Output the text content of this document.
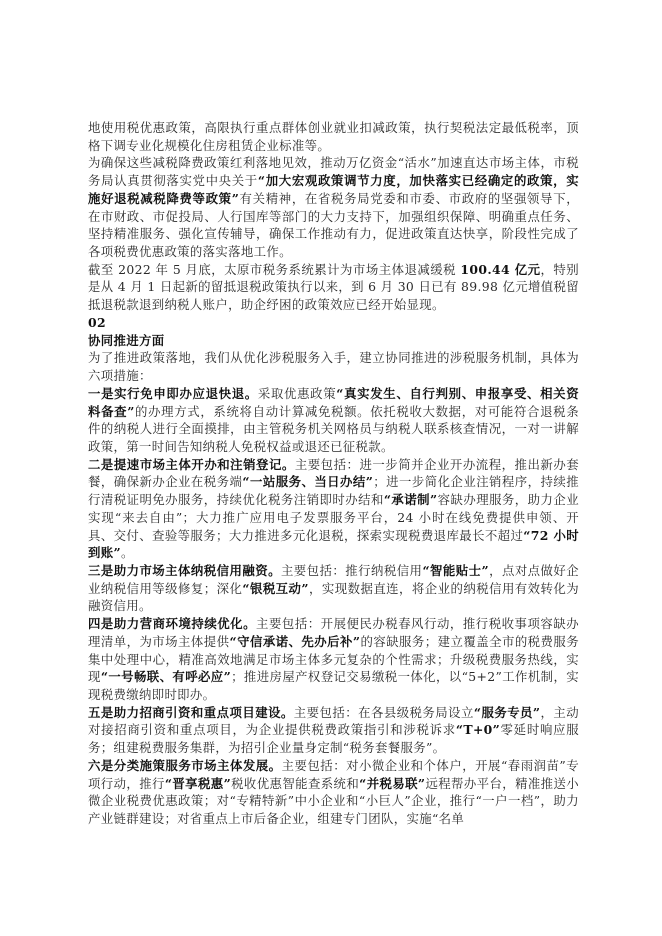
地使用税优惠政策，高限执行重点群体创业就业扣减政策，执行契税法定最低税率，顶格下调专业化规模化住房租赁企业标准等。

为确保这些减税降费政策红利落地见效，推动万亿资金“活水”加速直达市场主体，市税务局认真贯彻落实党中央关于“加大宏观政策调节力度，加快落实已经确定的政策，实施好退税减税降费等政策”有关精神，在省税务局党委和市委、市政府的坚强领导下，在市财政、市促投局、人行国库等部门的大力支持下，加强组织保障、明确重点任务、坚持精准服务、强化宣传辅导，确保工作推动有力，促进政策直达快享，阶段性完成了各项税费优惠政策的落实落地工作。

截至 2022 年 5 月底，太原市税务系统累计为市场主体退减缓税 100.44 亿元，特别是从 4 月 1 日起新的留抵退税政策执行以来，到 6 月 30 日已有 89.98 亿元增值税留抵退税款退到纳税人账户，助企纾困的政策效应已经开始显现。

02

协同推进方面

为了推进政策落地，我们从优化涉税服务入手，建立协同推进的涉税服务机制，具体为六项措施：

一是实行免申即办应退快退。采取优惠政策“真实发生、自行判别、申报享受、相关资料备查”的办理方式，系统将自动计算减免税额。依托税收大数据，对可能符合退税条件的纳税人进行全面摸排，由主管税务机关网格员与纳税人联系核查情况，一对一讲解政策，第一时间告知纳税人免税权益或退还已征税款。

二是提速市场主体开办和注销登记。主要包括：进一步简并企业开办流程，推出新办套餐，确保新办企业在税务端“一站服务、当日办结”；进一步简化企业注销程序，持续推行清税证明免办服务，持续优化税务注销即时办结和“承诺制”容缺办理服务，助力企业实现“来去自由”；大力推广应用电子发票服务平台，24 小时在线免费提供申领、开具、交付、查验等服务；大力推进多元化退税，探索实现税费退库最长不超过“72 小时到账”。

三是助力市场主体纳税信用融资。主要包括：推行纳税信用“智能贴士”，点对点做好企业纳税信用等级修复；深化“银税互动”，实现数据直连，将企业的纳税信用有效转化为融资信用。

四是助力营商环境持续优化。主要包括：开展便民办税春风行动，推行税收事项容缺办理清单，为市场主体提供“守信承诺、先办后补”的容缺服务；建立覆盖全市的税费服务集中处理中心，精准高效地满足市场主体多元复杂的个性需求；升级税费服务热线，实现“一号畅联、有呼必应”；推进房屋产权登记交易缴税一体化，以“5+2”工作机制，实现税费缴纳即时即办。

五是助力招商引资和重点项目建设。主要包括：在各县级税务局设立“服务专员”，主动对接招商引资和重点项目，为企业提供税费政策指引和涉税诉求“T+0”零延时响应服务；组建税费服务集群，为招引企业量身定制“税务套餐服务”。

六是分类施策服务市场主体发展。主要包括：对小微企业和个体户，开展“春雨润苗”专项行动，推行“晋享税惠”税收优惠智能查系统和“并税易联”远程帮办平台，精准推送小微企业税费优惠政策；对“专精特新”中小企业和“小巨人”企业，推行“一户一档”，助力产业链群建设；对省重点上市后备企业，组建专门团队，实施“名单
